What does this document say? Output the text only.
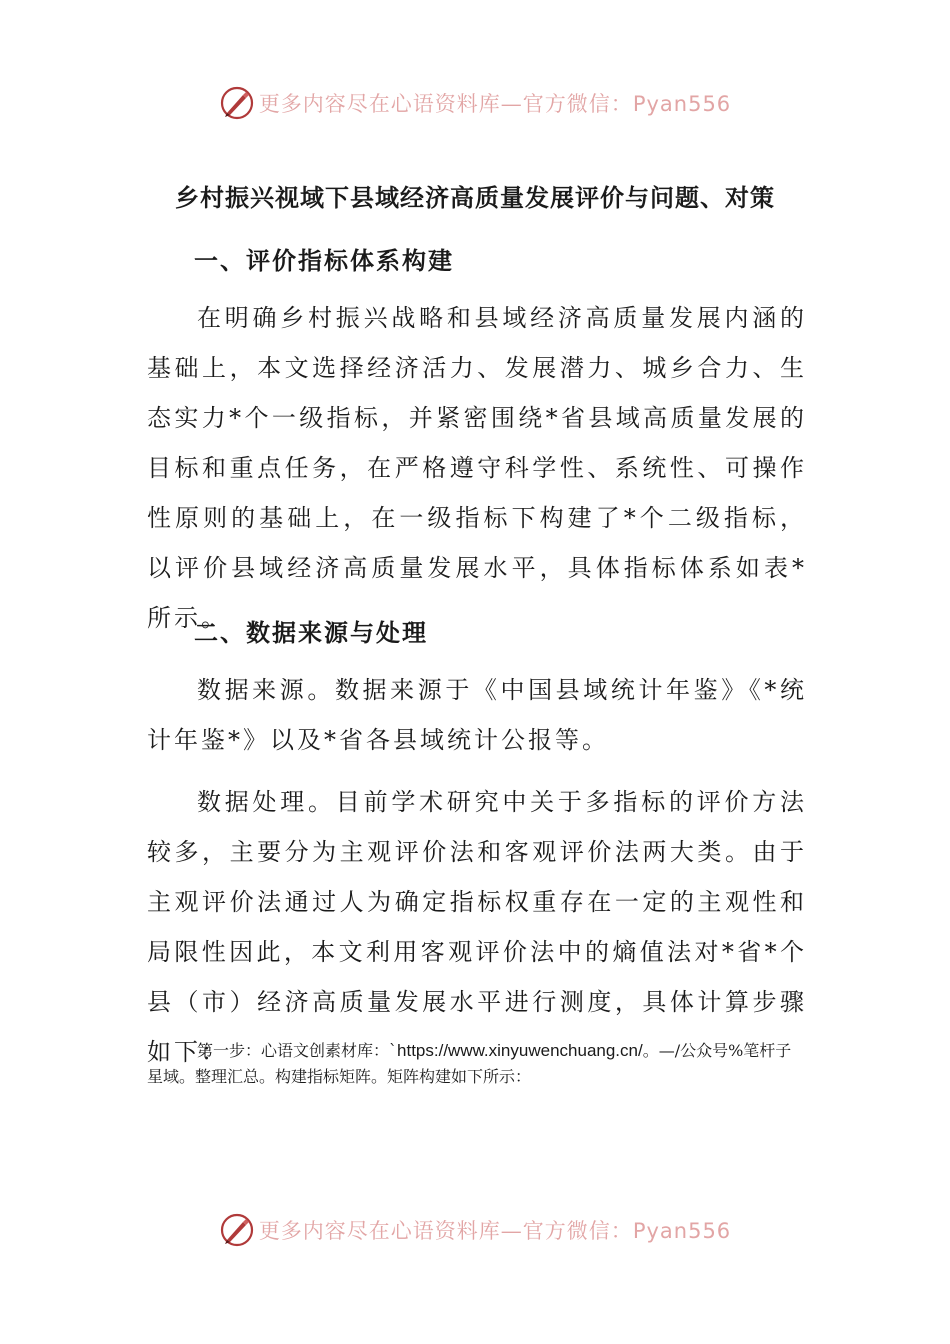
更多内容尽在心语资料库—官方微信：Pyan556
乡村振兴视域下县域经济高质量发展评价与问题、对策
一、评价指标体系构建

在明确乡村振兴战略和县域经济高质量发展内涵的基础上，本文选择经济活力、发展潜力、城乡合力、生态实力*个一级指标，并紧密围绕*省县域高质量发展的目标和重点任务，在严格遵守科学性、系统性、可操作性原则的基础上，在一级指标下构建了*个二级指标，以评价县域经济高质量发展水平，具体指标体系如表*所示。

二、数据来源与处理

数据来源。数据来源于《中国县域统计年鉴》《*统计年鉴*》以及*省各县域统计公报等。

数据处理。目前学术研究中关于多指标的评价方法较多，主要分为主观评价法和客观评价法两大类。由于主观评价法通过人为确定指标权重存在一定的主观性和局限性因此，本文利用客观评价法中的熵值法对*省*个县（市）经济高质量发展水平进行测度，具体计算步骤如下：

第一步：心语文创素材库：`https://www.xinyuwenchuang.cn/。—/公众号%笔杆子星域。整理汇总。构建指标矩阵。矩阵构建如下所示：

更多内容尽在心语资料库—官方微信：Pyan556
